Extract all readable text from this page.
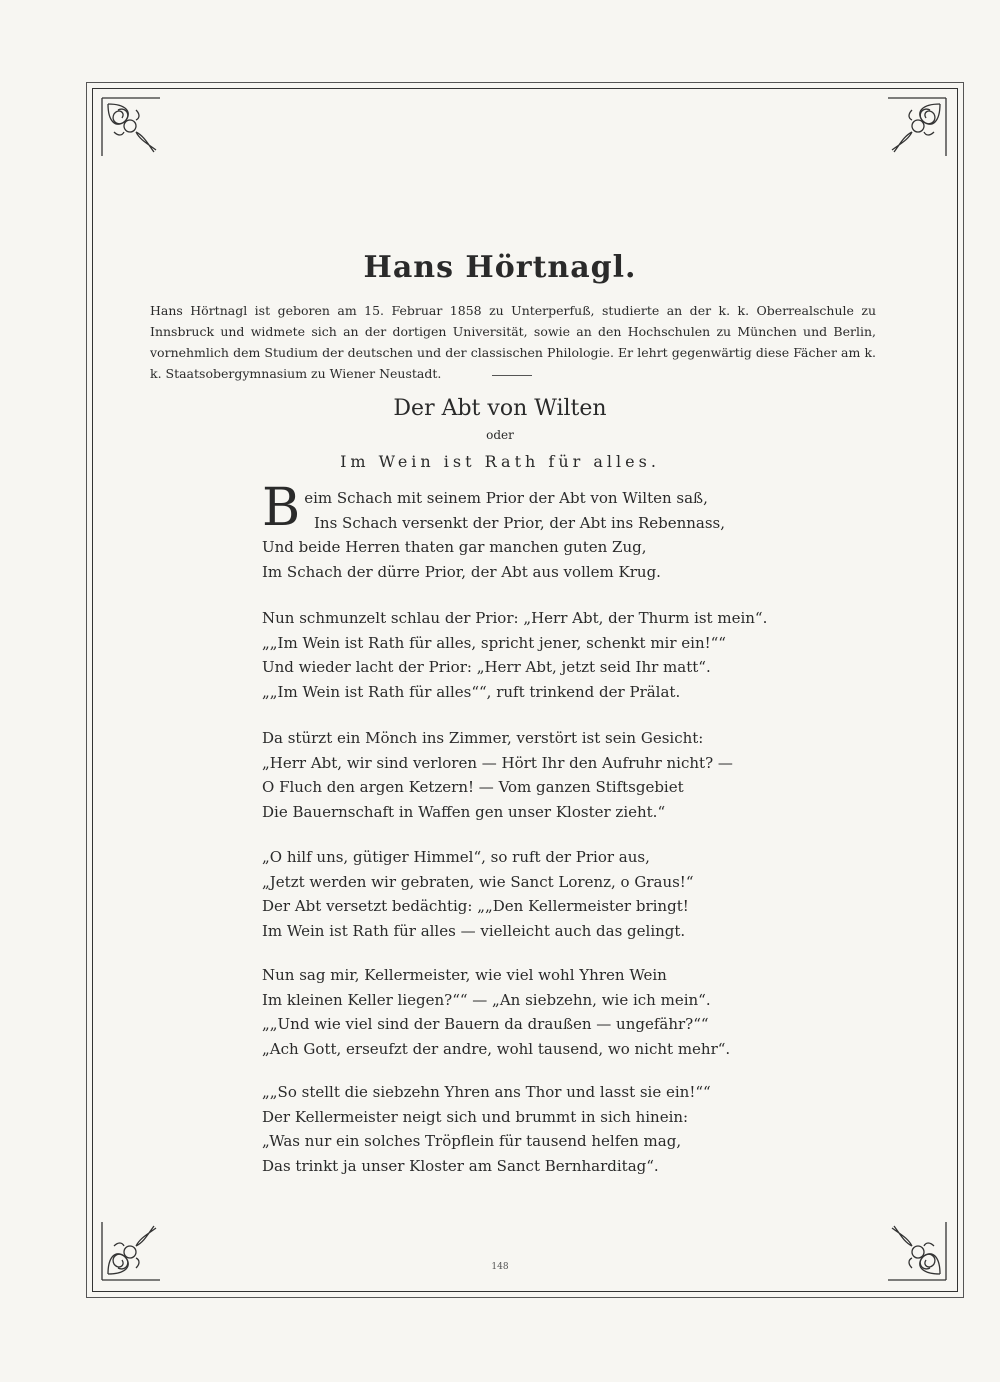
Hans Hörtnagl.
Hans Hörtnagl ist geboren am 15. Februar 1858 zu Unterperfuß, studierte an der k. k. Oberrealschule zu Innsbruck und widmete sich an der dortigen Universität, sowie an den Hochschulen zu München und Berlin, vornehmlich dem Studium der deutschen und der classischen Philologie. Er lehrt gegenwärtig diese Fächer am k. k. Staatsobergymnasium zu Wiener Neustadt.
Der Abt von Wilten
oder
Im Wein ist Rath für alles.
B eim Schach mit seinem Prior der Abt von Wilten saß,
Ins Schach versenkt der Prior, der Abt ins Rebennass,
Und beide Herren thaten gar manchen guten Zug,
Im Schach der dürre Prior, der Abt aus vollem Krug.
Nun schmunzelt schlau der Prior: „Herr Abt, der Thurm ist mein“.
„„Im Wein ist Rath für alles, spricht jener, schenkt mir ein!““
Und wieder lacht der Prior: „Herr Abt, jetzt seid Ihr matt“.
„„Im Wein ist Rath für alles““, ruft trinkend der Prälat.
Da stürzt ein Mönch ins Zimmer, verstört ist sein Gesicht:
„Herr Abt, wir sind verloren — Hört Ihr den Aufruhr nicht? —
O Fluch den argen Ketzern! — Vom ganzen Stiftsgebiet
Die Bauernschaft in Waffen gen unser Kloster zieht.“
„O hilf uns, gütiger Himmel“, so ruft der Prior aus,
„Jetzt werden wir gebraten, wie Sanct Lorenz, o Graus!“
Der Abt versetzt bedächtig: „„Den Kellermeister bringt!
Im Wein ist Rath für alles — vielleicht auch das gelingt.
Nun sag mir, Kellermeister, wie viel wohl Yhren Wein
Im kleinen Keller liegen?““ — „An siebzehn, wie ich mein“.
„„Und wie viel sind der Bauern da draußen — ungefähr?““
„Ach Gott, erseufzt der andre, wohl tausend, wo nicht mehr“.
„„So stellt die siebzehn Yhren ans Thor und lasst sie ein!““
Der Kellermeister neigt sich und brummt in sich hinein:
„Was nur ein solches Tröpflein für tausend helfen mag,
Das trinkt ja unser Kloster am Sanct Bernharditag“.
148
